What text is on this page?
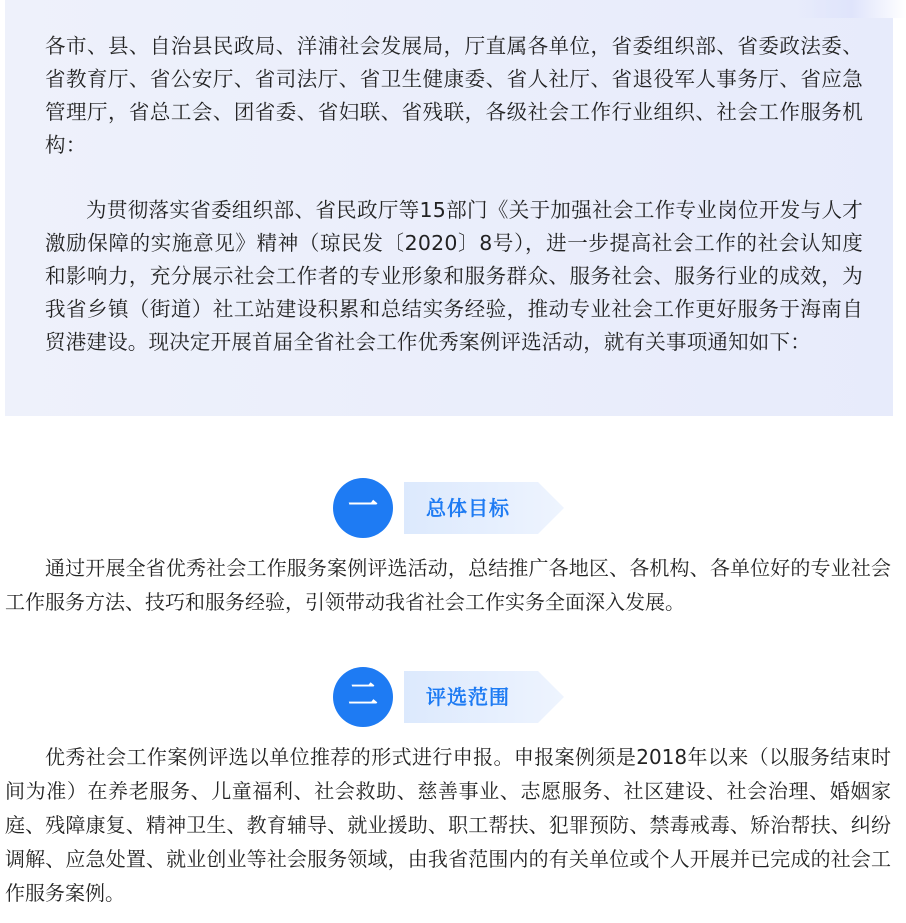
各市、县、自治县民政局、洋浦社会发展局，厅直属各单位，省委组织部、省委政法委、省教育厅、省公安厅、省司法厅、省卫生健康委、省人社厅、省退役军人事务厅、省应急管理厅，省总工会、团省委、省妇联、省残联，各级社会工作行业组织、社会工作服务机构：

为贯彻落实省委组织部、省民政厅等15部门《关于加强社会工作专业岗位开发与人才激励保障的实施意见》精神（琼民发〔2020〕8号），进一步提高社会工作的社会认知度和影响力，充分展示社会工作者的专业形象和服务群众、服务社会、服务行业的成效，为我省乡镇（街道）社工站建设积累和总结实务经验，推动专业社会工作更好服务于海南自贸港建设。现决定开展首届全省社会工作优秀案例评选活动，就有关事项通知如下：

一	总体目标

通过开展全省优秀社会工作服务案例评选活动，总结推广各地区、各机构、各单位好的专业社会工作服务方法、技巧和服务经验，引领带动我省社会工作实务全面深入发展。

二	评选范围

优秀社会工作案例评选以单位推荐的形式进行申报。申报案例须是2018年以来（以服务结束时间为准）在养老服务、儿童福利、社会救助、慈善事业、志愿服务、社区建设、社会治理、婚姻家庭、残障康复、精神卫生、教育辅导、就业援助、职工帮扶、犯罪预防、禁毒戒毒、矫治帮扶、纠纷调解、应急处置、就业创业等社会服务领域，由我省范围内的有关单位或个人开展并已完成的社会工作服务案例。
